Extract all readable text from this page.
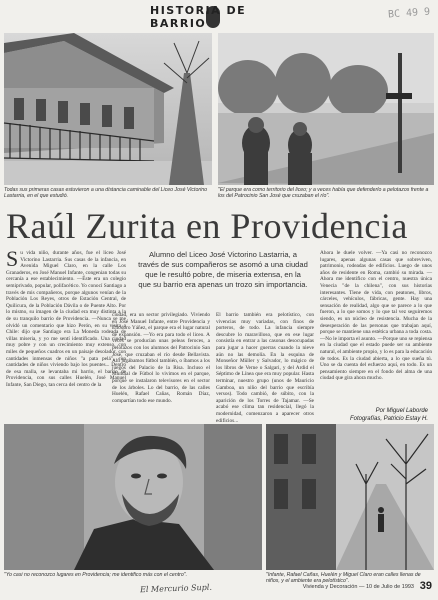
HISTORIA DE BARRIO
BC 49 9
Todas sus primeras casas estuvieron a una distancia caminable del Liceo José Victorino Lastarria, en el que estudió.
"El parque era como territorio del liceo; y a veces había que defenderlo a pelotazos frente a los del Patrocinio San José que cruzaban el río".
Raúl Zurita en Providencia
Alumno del Liceo José Victorino Lastarria, a través de sus compañeros se asomó a una ciudad que le resultó pobre, de miseria extensa, en la que su barrio era apenas un trozo sin importancia.
S u vida niño, durante años, fue el liceo José Victorino Lastarria. Sus casas de la infancia, en Avenida Miguel Claro, en la calle Los Granaderos, en José Manuel Infante, congenian todas su cercanía a ese establecimiento. —Éste era un colegio semiprivado, popular, polifacético. Yo conocí Santiago a través de mis compañeros, porque algunos venían de la Población Los Reyes, otros de Estación Central, de Quilicura, de la Población Dávila o de Puente Alto. Por lo mismo, su imagen de la ciudad era muy distinta a la de su tranquilo barrio de Providencia. —Nunca se me olvidó un comentario que hizo Perón, en su visita a Chile: dijo que Santiago era La Moneda rodeada de villas miseria, y yo me sentí identificado. Una ciudad muy pobre y con un crecimiento muy extenso, con miles de pequeños cuadros en un paisaje desolador, con cantidades inmensas de niños "a pata pelá", con cantidades de niños viviendo bajo los puentes... Dentro de esa malla, se levantaba mi barrio, el barrio de Providencia, con sus calles Huelén, José Manuel Infante, San Diego, tan cerca del centro de la
ciudad, era un sector privilegiado. Viviendo en José Manuel Infante, entre Providencia y Eliodoro Yáñez, el parque era el lugar natural de expansión. —Yo era para todo el liceo. A veces se producían unas peleas feroces, a pelotazos con los alumnos del Patrocinio San José, que cruzaban el río desde Bellavista. Ahí jugábamos fútbol también, o íbamos a los juegos del Palacio de la Risa. Incluso el Mundial de Fútbol lo vivimos en el parque, porque se instalaron televisores en el sector de los árboles. Lo del barrio, de las calles Huelén, Rafael Cañas, Román Díaz, compartían todo ese mundo.
El barrio también era pelotístico, con vivencias muy variadas, con finos de porteros, de todo. La infancia siempre descubre lo maravilloso, que en ese lugar consistía en entrar a las casonas desocupadas para jugar a hacer guerras cuando la nieve aún no las demolía. En la esquina de Monseñor Müller y Salvador, lo mágico de los libros de Verne o Salgari, y del Ardid el Séptimo de Línea que era muy popular. Hasta terminar, nuestro grupo (unos de Mauricio Gamboa, un niño del barrio que escribía versos). Todo cambió, de súbito, con la aparición de los Torres de Tajamar. —Se acabó ese clima tan residencial, llegó la modernidad, comenzaron a aparecer otros edificios...
Ahora le duele volver. —Ya casi no reconozco lugares, apenas algunas casas que sobreviven, patrimonio, rodeadas de edificios. Luego de unos años de residente en Roma, cambió su mirada. —Ahora me identifico con el centro, nuestra única Venecia "de la chilena", con sus historias interesantes. Tiene de vida, con peatones, libros, cárceles, vehículos, fábricas, gente. Hay una sensación de realidad, algo que se parece a lo que fueron, a lo que somos y lo que tal vez seguiremos siendo, es un núcleo de resistencia. Mucha de la desesperación de las personas que trabajan aquí, porque se mantiene una estética urbana a toda costa. —No le importa el asunto. —Porque uno se repiensa en la ciudad que el estado puede ser su ambiente natural, el ambiente propio, y lo es para la educación de todos. Es la ciudad abierta, a lo que sueña tú. Uno se da cuenta del esfuerzo aquí, en todo. Es un pensamiento siempre en el fondo del alma de una ciudad que gira ahora mucho.
Por Miguel Laborde
Fotografías, Patricio Estay H.
"Yo casi no reconozco lugares en Providencia; me identifico más con el centro".	"Infante, Rafael Cañas, Huelén y Miguel Claro eran calles llenas de niños, y el ambiente era pelotístico".
El Mercurio Supl.	Vivienda y Decoración — 10 de Julio de 1993 39
